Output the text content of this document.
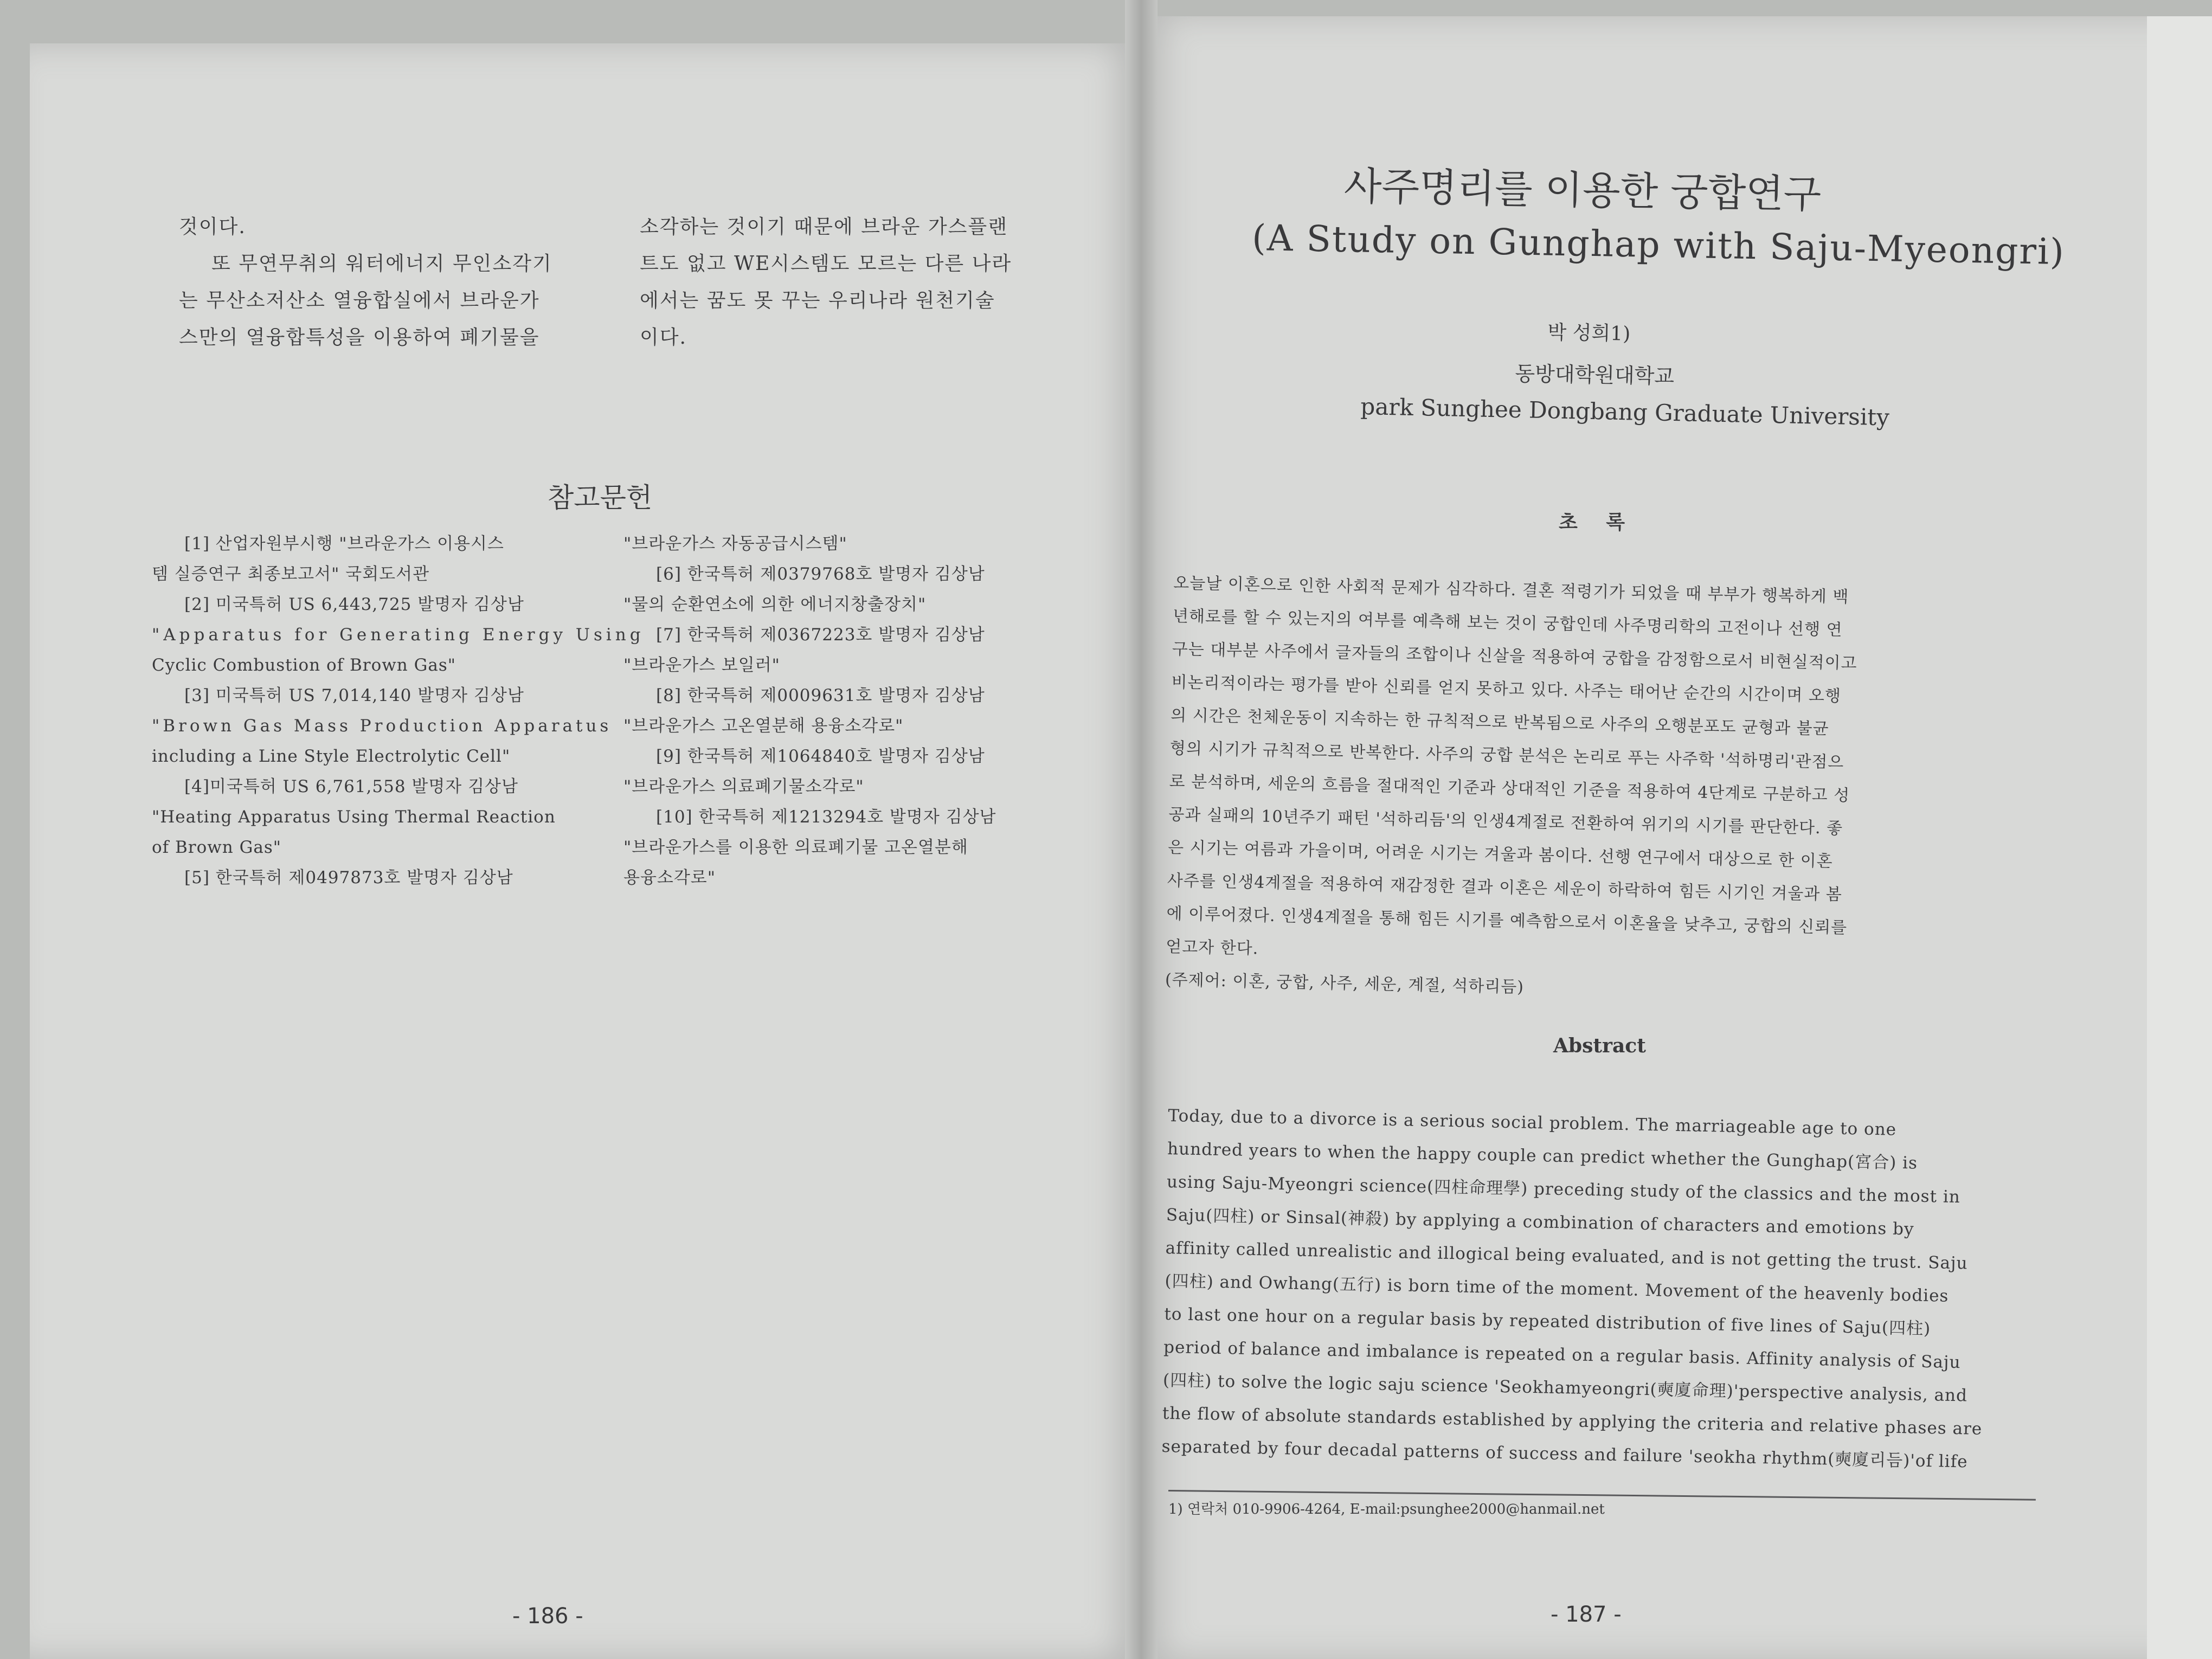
것이다.

또 무연무취의 워터에너지 무인소각기

는 무산소저산소 열융합실에서 브라운가

스만의 열융합특성을 이용하여 폐기물을

소각하는 것이기 때문에 브라운 가스플랜

트도 없고 WE시스템도 모르는 다른 나라

에서는 꿈도 못 꾸는 우리나라 원천기술

이다.

참고문헌

[1] 산업자원부시행 "브라운가스 이용시스

템 실증연구 최종보고서" 국회도서관

[2] 미국특허 US 6,443,725 발명자 김상남

"Apparatus for Generating Energy Using

Cyclic Combustion of Brown Gas"

[3] 미국특허 US 7,014,140 발명자 김상남

"Brown Gas Mass Production Apparatus

including a Line Style Electrolytic Cell"

[4]미국특허 US 6,761,558 발명자 김상남

"Heating Apparatus Using Thermal Reaction

of Brown Gas"

[5] 한국특허 제0497873호 발명자 김상남

"브라운가스 자동공급시스템"

[6] 한국특허 제0379768호 발명자 김상남

"물의 순환연소에 의한 에너지창출장치"

[7] 한국특허 제0367223호 발명자 김상남

"브라운가스 보일러"

[8] 한국특허 제0009631호 발명자 김상남

"브라운가스 고온열분해 용융소각로"

[9] 한국특허 제1064840호 발명자 김상남

"브라운가스 의료폐기물소각로"

[10] 한국특허 제1213294호 발명자 김상남

"브라운가스를 이용한 의료폐기물 고온열분해

용융소각로"

- 186 -
사주명리를 이용한 궁합연구
(A Study on Gunghap with Saju-Myeongri)
박 성희1)
동방대학원대학교
park Sunghee Dongbang Graduate University
초 록

오늘날 이혼으로 인한 사회적 문제가 심각하다. 결혼 적령기가 되었을 때 부부가 행복하게 백

년해로를 할 수 있는지의 여부를 예측해 보는 것이 궁합인데 사주명리학의 고전이나 선행 연

구는 대부분 사주에서 글자들의 조합이나 신살을 적용하여 궁합을 감정함으로서 비현실적이고

비논리적이라는 평가를 받아 신뢰를 얻지 못하고 있다. 사주는 태어난 순간의 시간이며 오행

의 시간은 천체운동이 지속하는 한 규칙적으로 반복됨으로 사주의 오행분포도 균형과 불균

형의 시기가 규칙적으로 반복한다. 사주의 궁합 분석은 논리로 푸는 사주학 '석하명리'관점으

로 분석하며, 세운의 흐름을 절대적인 기준과 상대적인 기준을 적용하여 4단계로 구분하고 성

공과 실패의 10년주기 패턴 '석하리듬'의 인생4계절로 전환하여 위기의 시기를 판단한다. 좋

은 시기는 여름과 가을이며, 어려운 시기는 겨울과 봄이다. 선행 연구에서 대상으로 한 이혼

사주를 인생4계절을 적용하여 재감정한 결과 이혼은 세운이 하락하여 힘든 시기인 겨울과 봄

에 이루어졌다. 인생4계절을 통해 힘든 시기를 예측함으로서 이혼율을 낮추고, 궁합의 신뢰를

얻고자 한다.

(주제어: 이혼, 궁합, 사주, 세운, 계절, 석하리듬)

Abstract

Today, due to a divorce is a serious social problem. The marriageable age to one

hundred years to when the happy couple can predict whether the Gunghap(宮合) is

using Saju-Myeongri science(四柱命理學) preceding study of the classics and the most in

Saju(四柱) or Sinsal(神殺) by applying a combination of characters and emotions by

affinity called unrealistic and illogical being evaluated, and is not getting the trust. Saju

(四柱) and Owhang(五行) is born time of the moment. Movement of the heavenly bodies

to last one hour on a regular basis by repeated distribution of five lines of Saju(四柱)

period of balance and imbalance is repeated on a regular basis. Affinity analysis of Saju

(四柱) to solve the logic saju science 'Seokhamyeongri(奭廈命理)'perspective analysis, and

the flow of absolute standards established by applying the criteria and relative phases are

separated by four decadal patterns of success and failure 'seokha rhythm(奭廈리듬)'of life

1) 연락처 010-9906-4264, E-mail:psunghee2000@hanmail.net
- 187 -
